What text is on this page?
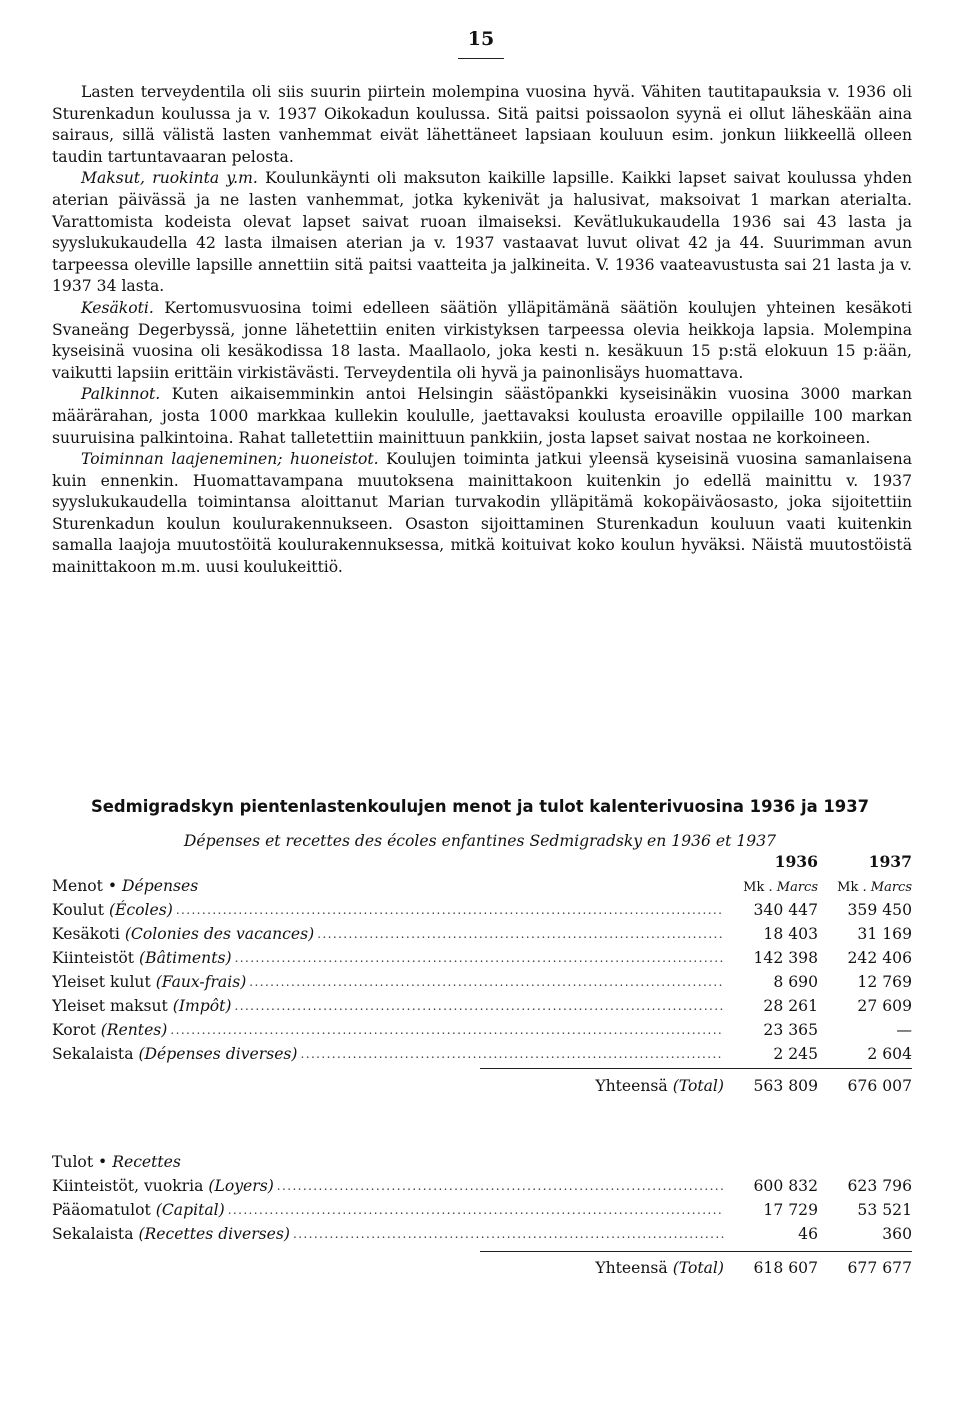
15

Lasten terveydentila oli siis suurin piirtein molempina vuosina hyvä. Vähiten tautitapauksia v. 1936 oli Sturenkadun koulussa ja v. 1937 Oikokadun koulussa. Sitä paitsi poissaolon syynä ei ollut läheskään aina sairaus, sillä välistä lasten vanhemmat eivät lähettäneet lapsiaan kouluun esim. jonkun liikkeellä olleen taudin tartuntavaaran pelosta.

Maksut, ruokinta y.m. Koulunkäynti oli maksuton kaikille lapsille. Kaikki lapset saivat koulussa yhden aterian päivässä ja ne lasten vanhemmat, jotka kykenivät ja halusivat, maksoivat 1 markan aterialta. Varattomista kodeista olevat lapset saivat ruoan ilmaiseksi. Kevätlukukaudella 1936 sai 43 lasta ja syyslukukaudella 42 lasta ilmaisen aterian ja v. 1937 vastaavat luvut olivat 42 ja 44. Suurimman avun tarpeessa oleville lapsille annettiin sitä paitsi vaatteita ja jalkineita. V. 1936 vaateavustusta sai 21 lasta ja v. 1937 34 lasta.

Kesäkoti. Kertomusvuosina toimi edelleen säätiön ylläpitämänä säätiön koulujen yhteinen kesäkoti Svaneäng Degerbyssä, jonne lähetettiin eniten virkistyksen tarpeessa olevia heikkoja lapsia. Molempina kyseisinä vuosina oli kesäkodissa 18 lasta. Maallaolo, joka kesti n. kesäkuun 15 p:stä elokuun 15 p:ään, vaikutti lapsiin erittäin virkistävästi. Terveydentila oli hyvä ja painonlisäys huomattava.

Palkinnot. Kuten aikaisemminkin antoi Helsingin säästöpankki kyseisinäkin vuosina 3000 markan määrärahan, josta 1000 markkaa kullekin koululle, jaettavaksi koulusta eroaville oppilaille 100 markan suuruisina palkintoina. Rahat talletettiin mainittuun pankkiin, josta lapset saivat nostaa ne korkoineen.

Toiminnan laajeneminen; huoneistot. Koulujen toiminta jatkui yleensä kyseisinä vuosina samanlaisena kuin ennenkin. Huomattavampana muutoksena mainittakoon kuitenkin jo edellä mainittu v. 1937 syyslukukaudella toimintansa aloittanut Marian turvakodin ylläpitämä kokopäiväosasto, joka sijoitettiin Sturenkadun koulun koulurakennukseen. Osaston sijoittaminen Sturenkadun kouluun vaati kuitenkin samalla laajoja muutostöitä koulurakennuksessa, mitkä koituivat koko koulun hyväksi. Näistä muutostöistä mainittakoon m.m. uusi koulukeittiö.

Sedmigradskyn pientenlastenkoulujen menot ja tulot kalenterivuosina 1936 ja 1937
Dépenses et recettes des écoles enfantines Sedmigradsky en 1936 et 1937
1936	1937
Menot • Dépenses	Mk . Marcs	Mk . Marcs
Koulut (Écoles) .....	340 447	359 450
Kesäkoti (Colonies des vacances) .....	18 403	31 169
Kiinteistöt (Bâtiments) .....	142 398	242 406
Yleiset kulut (Faux-frais) .....	8 690	12 769
Yleiset maksut (Impôt) .....	28 261	27 609
Korot (Rentes) .....	23 365	—
Sekalaista (Dépenses diverses) .....	2 245	2 604
Yhteensä (Total)	563 809	676 007
Tulot • Recettes
Kiinteistöt, vuokria (Loyers) .....	600 832	623 796
Pääomatulot (Capital) .....	17 729	53 521
Sekalaista (Recettes diverses) .....	46	360
Yhteensä (Total)	618 607	677 677
